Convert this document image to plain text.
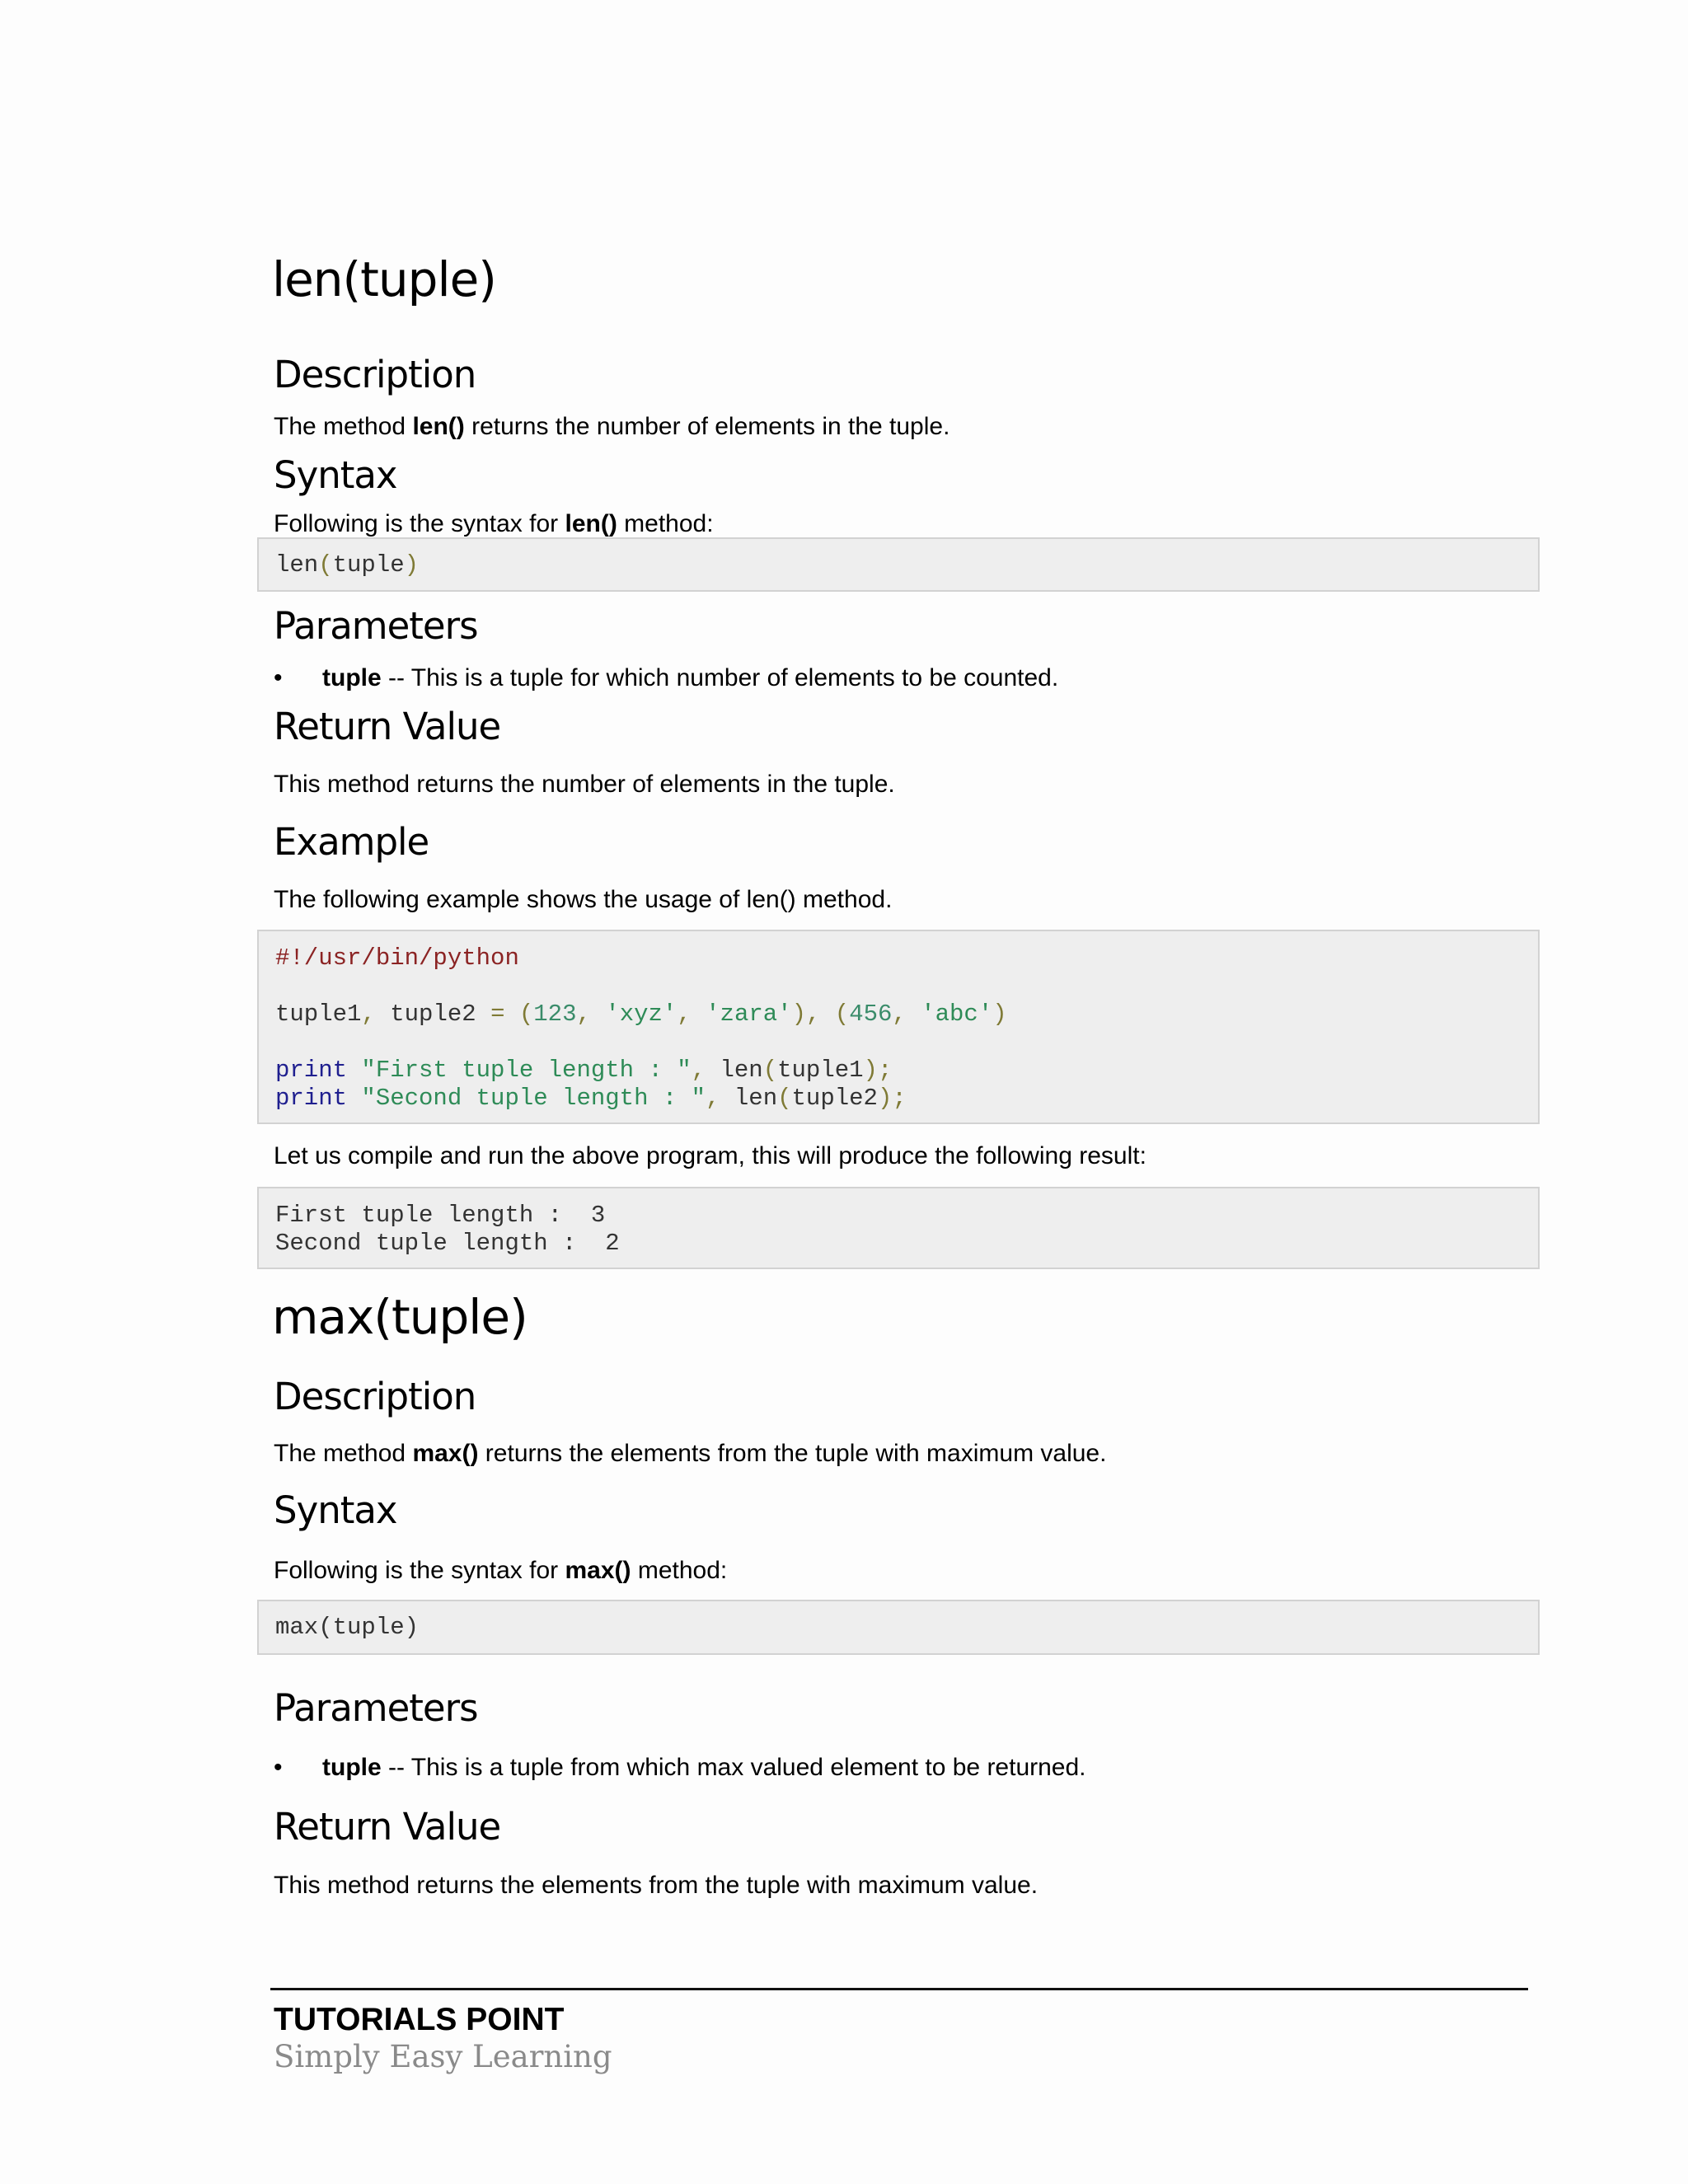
len(tuple)
Description
The method len() returns the number of elements in the tuple.
Syntax
Following is the syntax for len() method:
len(tuple)
Parameters
• tuple -- This is a tuple for which number of elements to be counted.
Return Value
This method returns the number of elements in the tuple.
Example
The following example shows the usage of len() method.
#!/usr/bin/python

tuple1, tuple2 = (123, 'xyz', 'zara'), (456, 'abc')

print "First tuple length : ", len(tuple1);
print "Second tuple length : ", len(tuple2);
Let us compile and run the above program, this will produce the following result:
First tuple length :  3
Second tuple length :  2
max(tuple)
Description
The method max() returns the elements from the tuple with maximum value.
Syntax
Following is the syntax for max() method:
max(tuple)
Parameters
• tuple -- This is a tuple from which max valued element to be returned.
Return Value
This method returns the elements from the tuple with maximum value.
TUTORIALS POINT
Simply Easy Learning
